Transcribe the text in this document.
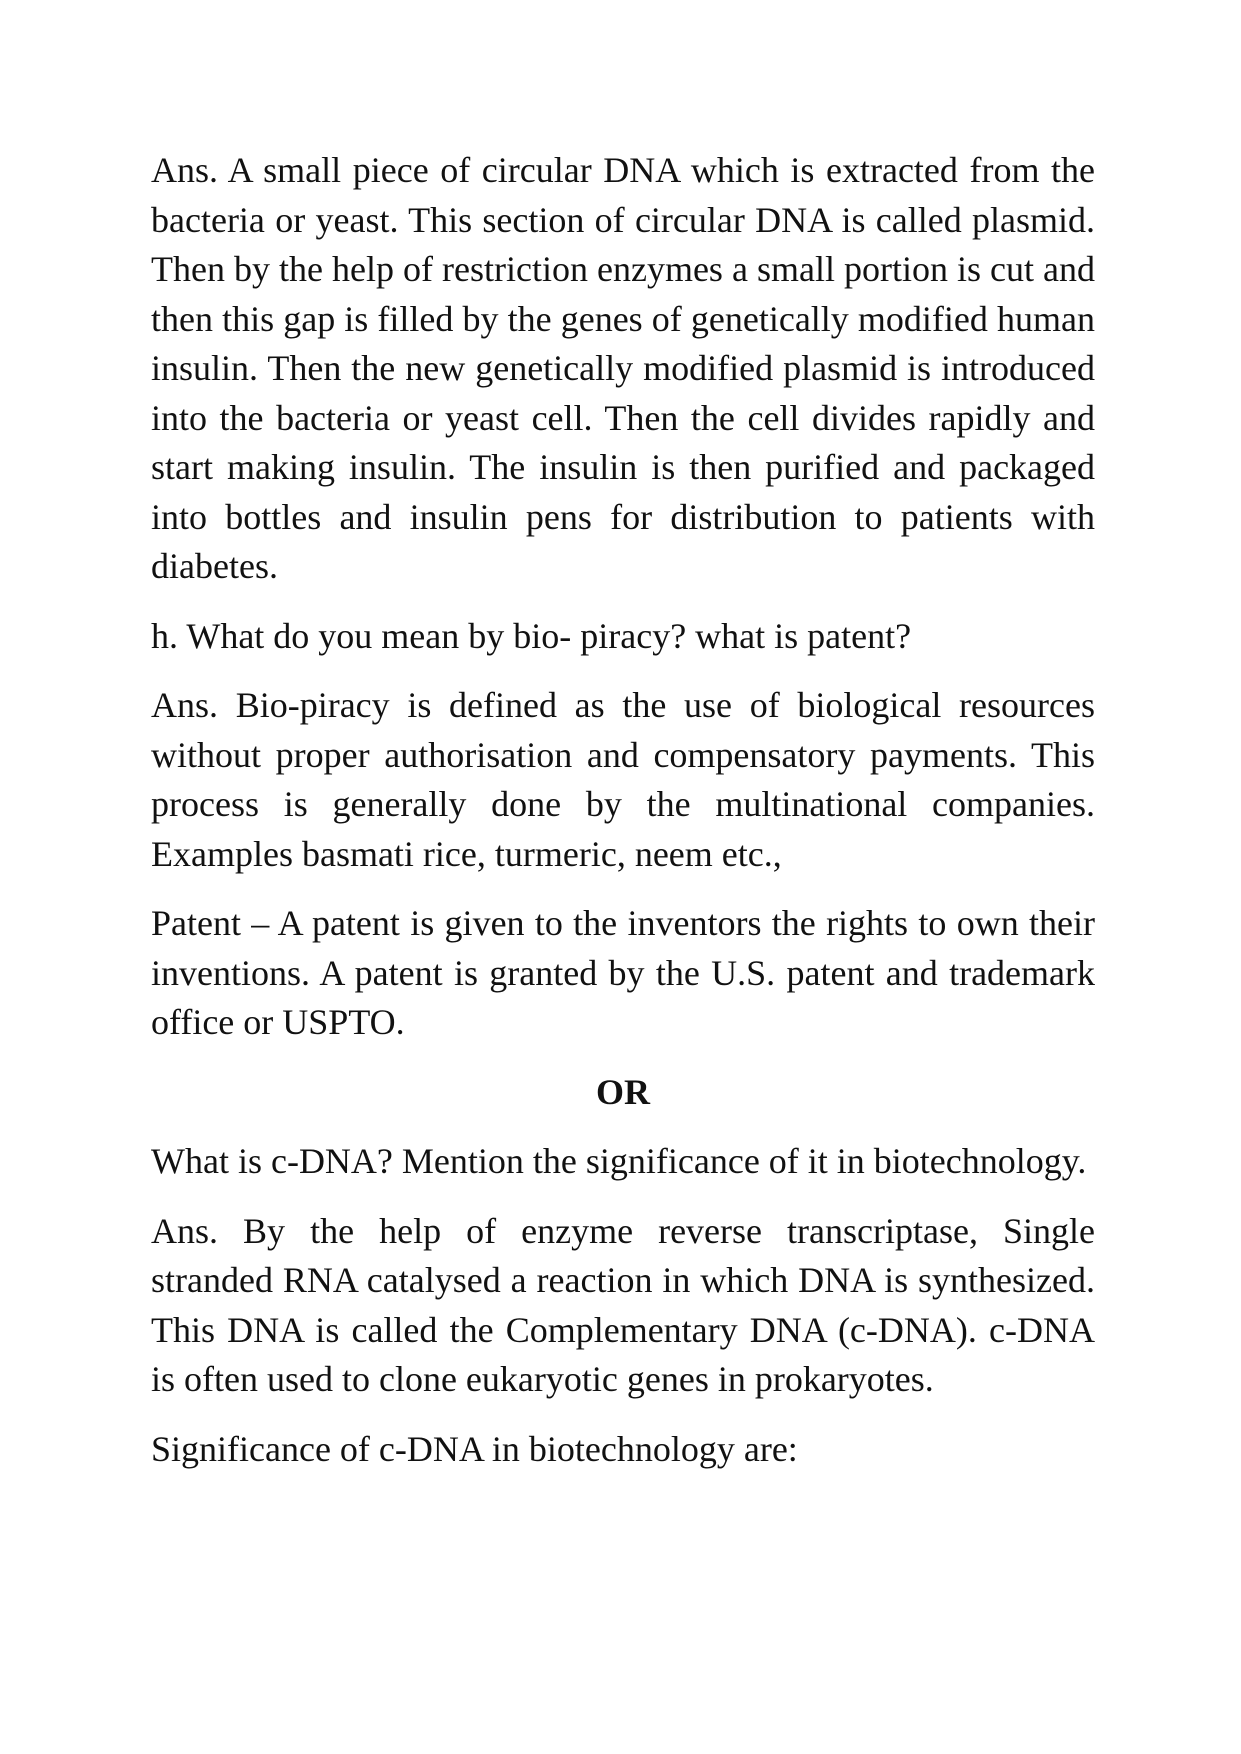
Ans. A small piece of circular DNA which is extracted from the bacteria or yeast. This section of circular DNA is called plasmid. Then by the help of restriction enzymes a small portion is cut and then this gap is filled by the genes of genetically modified human insulin. Then the new genetically modified plasmid is introduced into the bacteria or yeast cell. Then the cell divides rapidly and start making insulin. The insulin is then purified and packaged into bottles and insulin pens for distribution to patients with diabetes.

h. What do you mean by bio- piracy? what is patent?

Ans. Bio-piracy is defined as the use of biological resources without proper authorisation and compensatory payments. This process is generally done by the multinational companies. Examples basmati rice, turmeric, neem etc.,

Patent – A patent is given to the inventors the rights to own their inventions. A patent is granted by the U.S. patent and trademark office or USPTO.

OR

What is c-DNA? Mention the significance of it in biotechnology.

Ans. By the help of enzyme reverse transcriptase, Single stranded RNA catalysed a reaction in which DNA is synthesized. This DNA is called the Complementary DNA (c-DNA). c-DNA is often used to clone eukaryotic genes in prokaryotes.

Significance of c-DNA in biotechnology are:
